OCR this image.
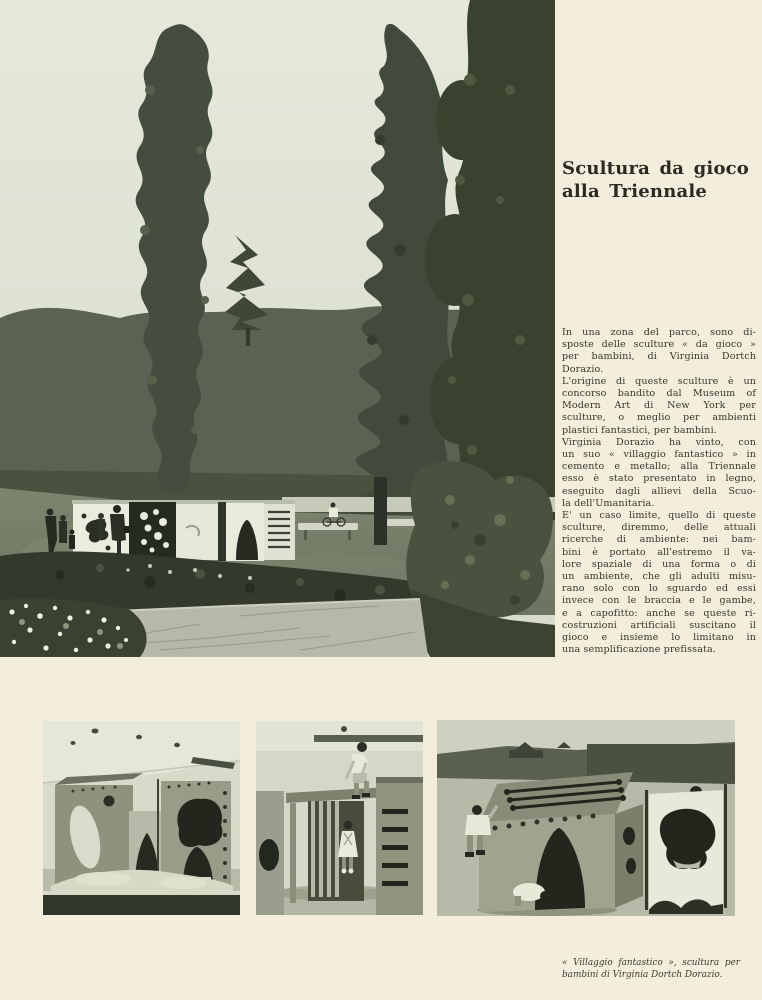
Scultura da gioco
alla Triennale
In una zona del parco, sono di-
sposte delle sculture « da gioco »
per bambini, di Virginia Dortch
Dorazio.
L'origine di queste sculture è un
concorso bandito dal Museum of
Modern Art di New York per
sculture, o meglio per ambienti
plastici fantastici, per bambini.
Virginia Dorazio ha vinto, con
un suo « villaggio fantastico » in
cemento e metallo; alla Triennale
esso è stato presentato in legno,
eseguito dagli allievi della Scuo-
la dell'Umanitaria.
E' un caso limite, quello di queste
sculture, diremmo, delle attuali
ricerche di ambiente: nei bam-
bini è portato all'estremo il va-
lore spaziale di una forma o di
un ambiente, che gli adulti misu-
rano solo con lo sguardo ed essi
invece con le braccia e le gambe,
e a capofitto: anche se queste ri-
costruzioni artificiali suscitano il
gioco e insieme lo limitano in
una semplificazione prefissata.
« Villaggio fantastico », scultura per
bambini di Virginia Dortch Dorazio.
